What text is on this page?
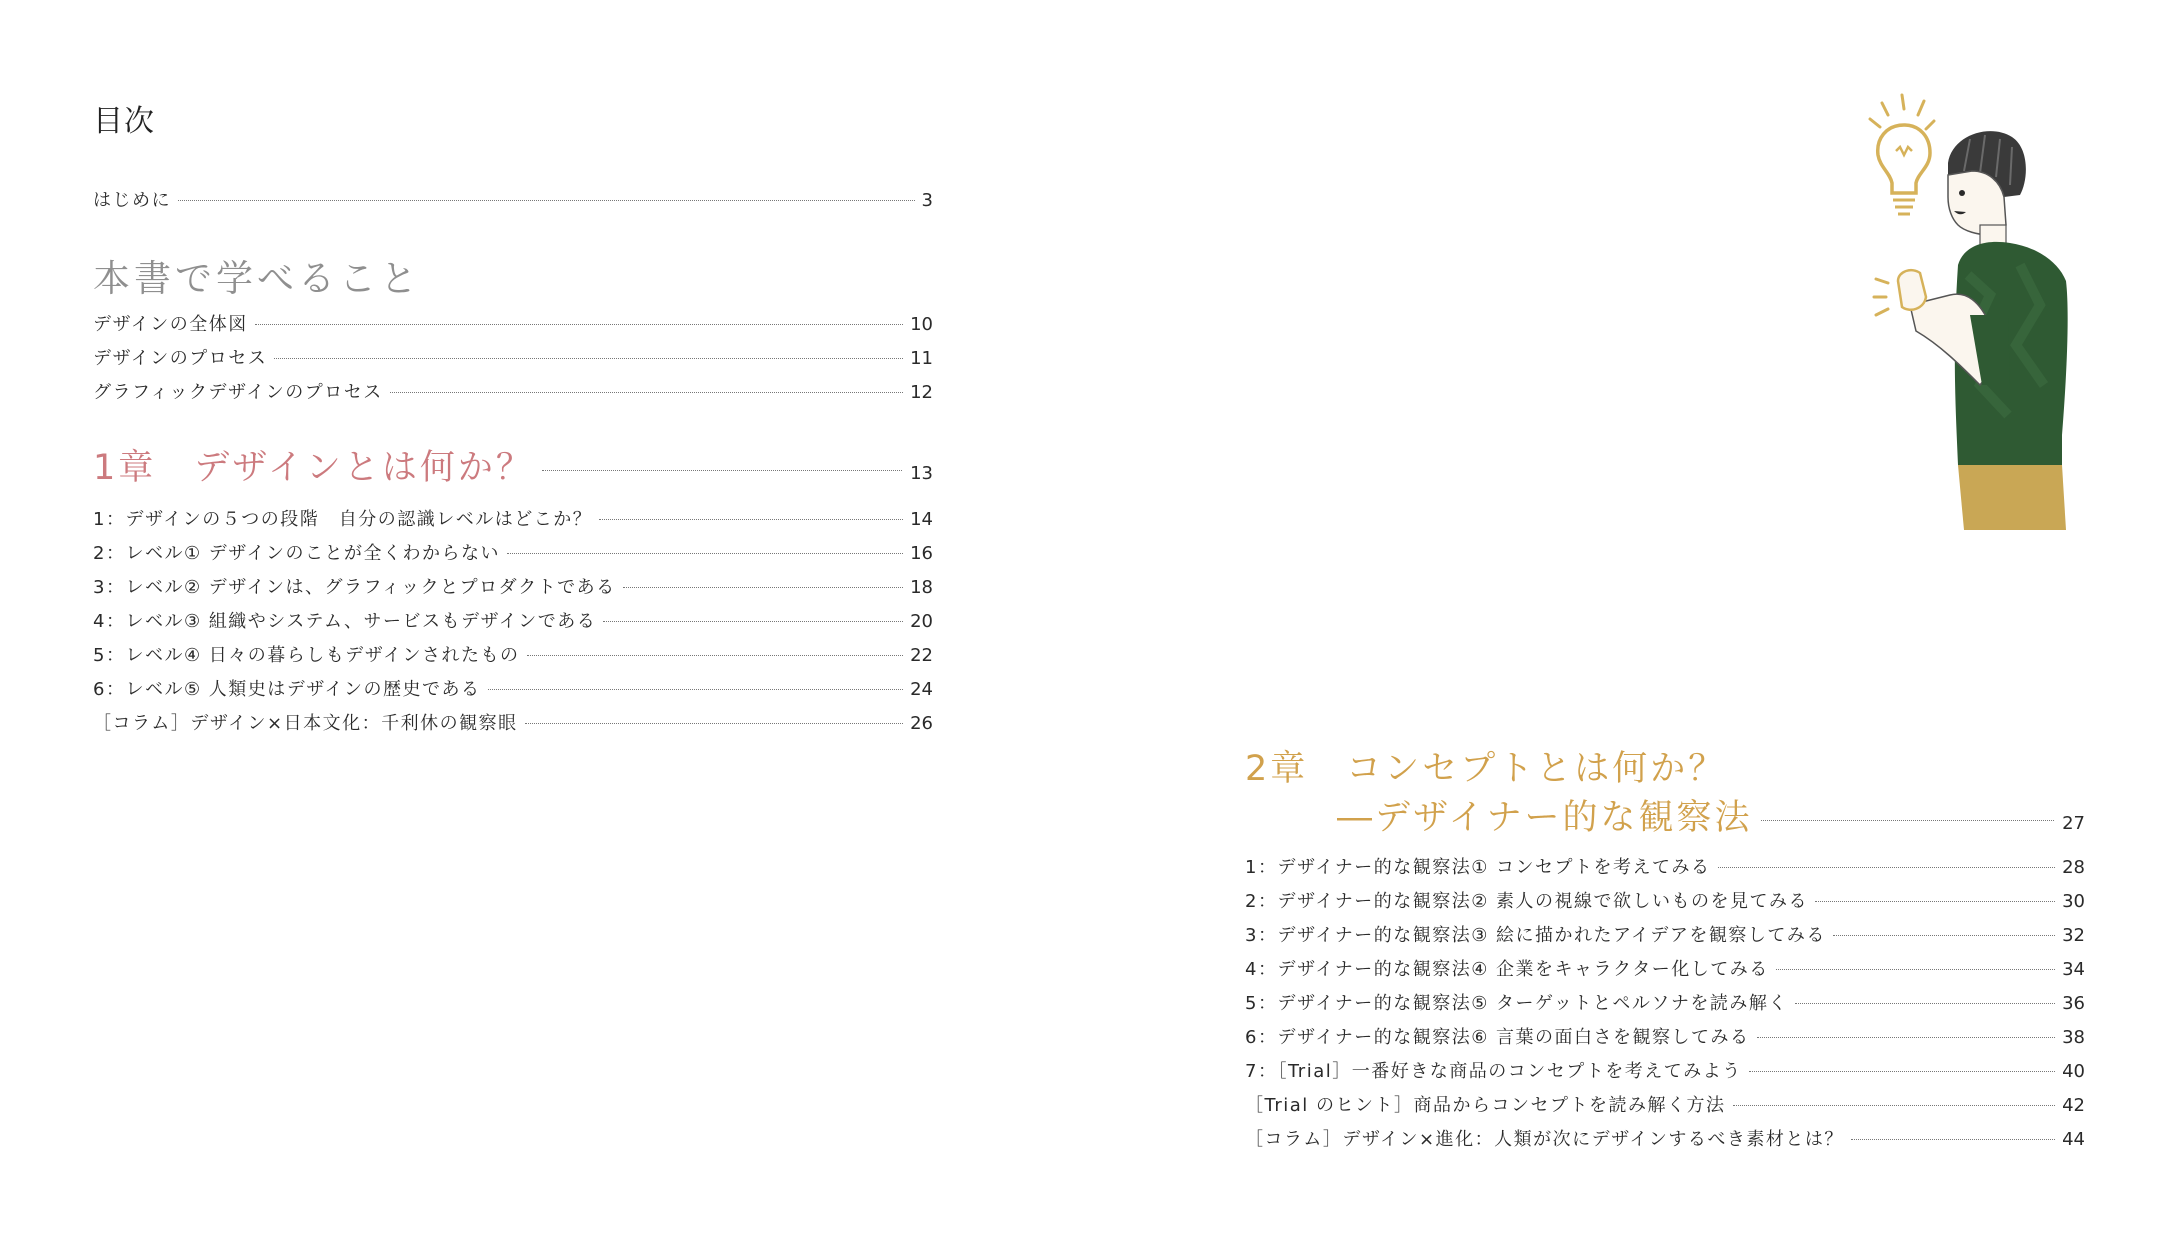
目次
はじめに	3
本書で学べること
デザインの全体図	10
デザインのプロセス	11
グラフィックデザインのプロセス	12
1章　デザインとは何か？	13
1：デザインの５つの段階　自分の認識レベルはどこか？	14
2：レベル① デザインのことが全くわからない	16
3：レベル② デザインは、グラフィックとプロダクトである	18
4：レベル③ 組織やシステム、サービスもデザインである	20
5：レベル④ 日々の暮らしもデザインされたもの	22
6：レベル⑤ 人類史はデザインの歴史である	24
［コラム］デザイン×日本文化：千利休の観察眼	26
2章　コンセプトとは何か？
―デザイナー的な観察法	27
1：デザイナー的な観察法① コンセプトを考えてみる	28
2：デザイナー的な観察法② 素人の視線で欲しいものを見てみる	30
3：デザイナー的な観察法③ 絵に描かれたアイデアを観察してみる	32
4：デザイナー的な観察法④ 企業をキャラクター化してみる	34
5：デザイナー的な観察法⑤ ターゲットとペルソナを読み解く	36
6：デザイナー的な観察法⑥ 言葉の面白さを観察してみる	38
7：［Trial］一番好きな商品のコンセプトを考えてみよう	40
［Trial のヒント］商品からコンセプトを読み解く方法	42
［コラム］デザイン×進化：人類が次にデザインするべき素材とは？	44
